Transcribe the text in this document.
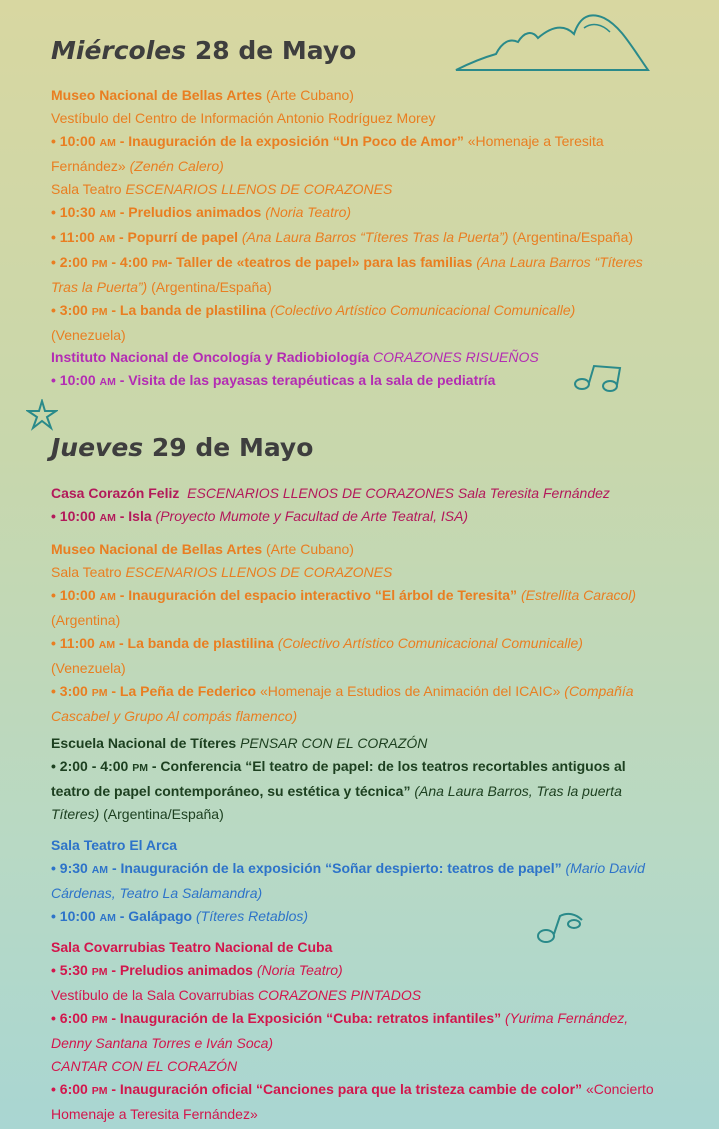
Miércoles 28 de Mayo

Museo Nacional de Bellas Artes (Arte Cubano)

Vestíbulo del Centro de Información Antonio Rodríguez Morey

• 10:00 AM - Inauguración de la exposición “Un Poco de Amor” «Homenaje a Teresita

Fernández» (Zenén Calero)

Sala Teatro ESCENARIOS LLENOS DE CORAZONES

• 10:30 AM - Preludios animados (Noria Teatro)

• 11:00 AM - Popurrí de papel (Ana Laura Barros “Títeres Tras la Puerta”) (Argentina/España)

• 2:00 PM - 4:00 PM- Taller de «teatros de papel» para las familias (Ana Laura Barros “Títeres

Tras la Puerta”) (Argentina/España)

• 3:00 PM - La banda de plastilina (Colectivo Artístico Comunicacional Comunicalle)

(Venezuela)

Instituto Nacional de Oncología y Radiobiología CORAZONES RISUEÑOS

• 10:00 AM - Visita de las payasas terapéuticas a la sala de pediatría

Jueves 29 de Mayo

Casa Corazón Feliz ESCENARIOS LLENOS DE CORAZONES Sala Teresita Fernández

• 10:00 AM - Isla (Proyecto Mumote y Facultad de Arte Teatral, ISA)

Museo Nacional de Bellas Artes (Arte Cubano)

Sala Teatro ESCENARIOS LLENOS DE CORAZONES

• 10:00 AM - Inauguración del espacio interactivo “El árbol de Teresita” (Estrellita Caracol)

(Argentina)

• 11:00 AM - La banda de plastilina (Colectivo Artístico Comunicacional Comunicalle)

(Venezuela)

• 3:00 PM - La Peña de Federico «Homenaje a Estudios de Animación del ICAIC» (Compañía

Cascabel y Grupo Al compás flamenco)

Escuela Nacional de Títeres PENSAR CON EL CORAZÓN

• 2:00 - 4:00 PM - Conferencia “El teatro de papel: de los teatros recortables antiguos al

teatro de papel contemporáneo, su estética y técnica” (Ana Laura Barros, Tras la puerta

Títeres) (Argentina/España)

Sala Teatro El Arca

• 9:30 AM - Inauguración de la exposición “Soñar despierto: teatros de papel” (Mario David

Cárdenas, Teatro La Salamandra)

• 10:00 AM - Galápago (Títeres Retablos)

Sala Covarrubias Teatro Nacional de Cuba

• 5:30 PM - Preludios animados (Noria Teatro)

Vestíbulo de la Sala Covarrubias CORAZONES PINTADOS

• 6:00 PM - Inauguración de la Exposición “Cuba: retratos infantiles” (Yurima Fernández,

Denny Santana Torres e Iván Soca)

CANTAR CON EL CORAZÓN

• 6:00 PM - Inauguración oficial “Canciones para que la tristeza cambie de color” «Concierto

Homenaje a Teresita Fernández»
